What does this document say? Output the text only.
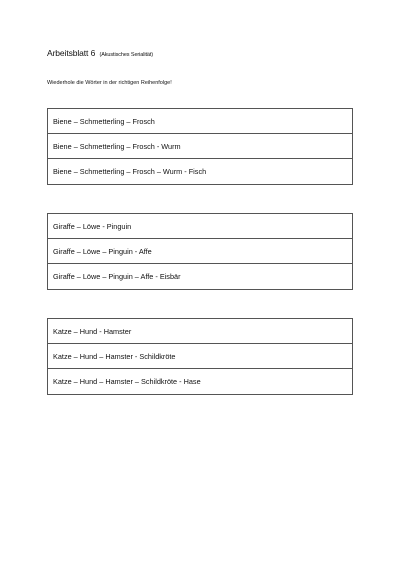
Arbeitsblatt 6 (Akustisches Serialität)
Wiederhole die Wörter in der richtigen Reihenfolge!
Biene – Schmetterling – Frosch
Biene – Schmetterling – Frosch - Wurm
Biene – Schmetterling – Frosch – Wurm - Fisch
Giraffe – Löwe - Pinguin
Giraffe – Löwe – Pinguin - Affe
Giraffe – Löwe – Pinguin – Affe - Eisbär
Katze – Hund - Hamster
Katze – Hund – Hamster - Schildkröte
Katze – Hund – Hamster – Schildkröte - Hase
